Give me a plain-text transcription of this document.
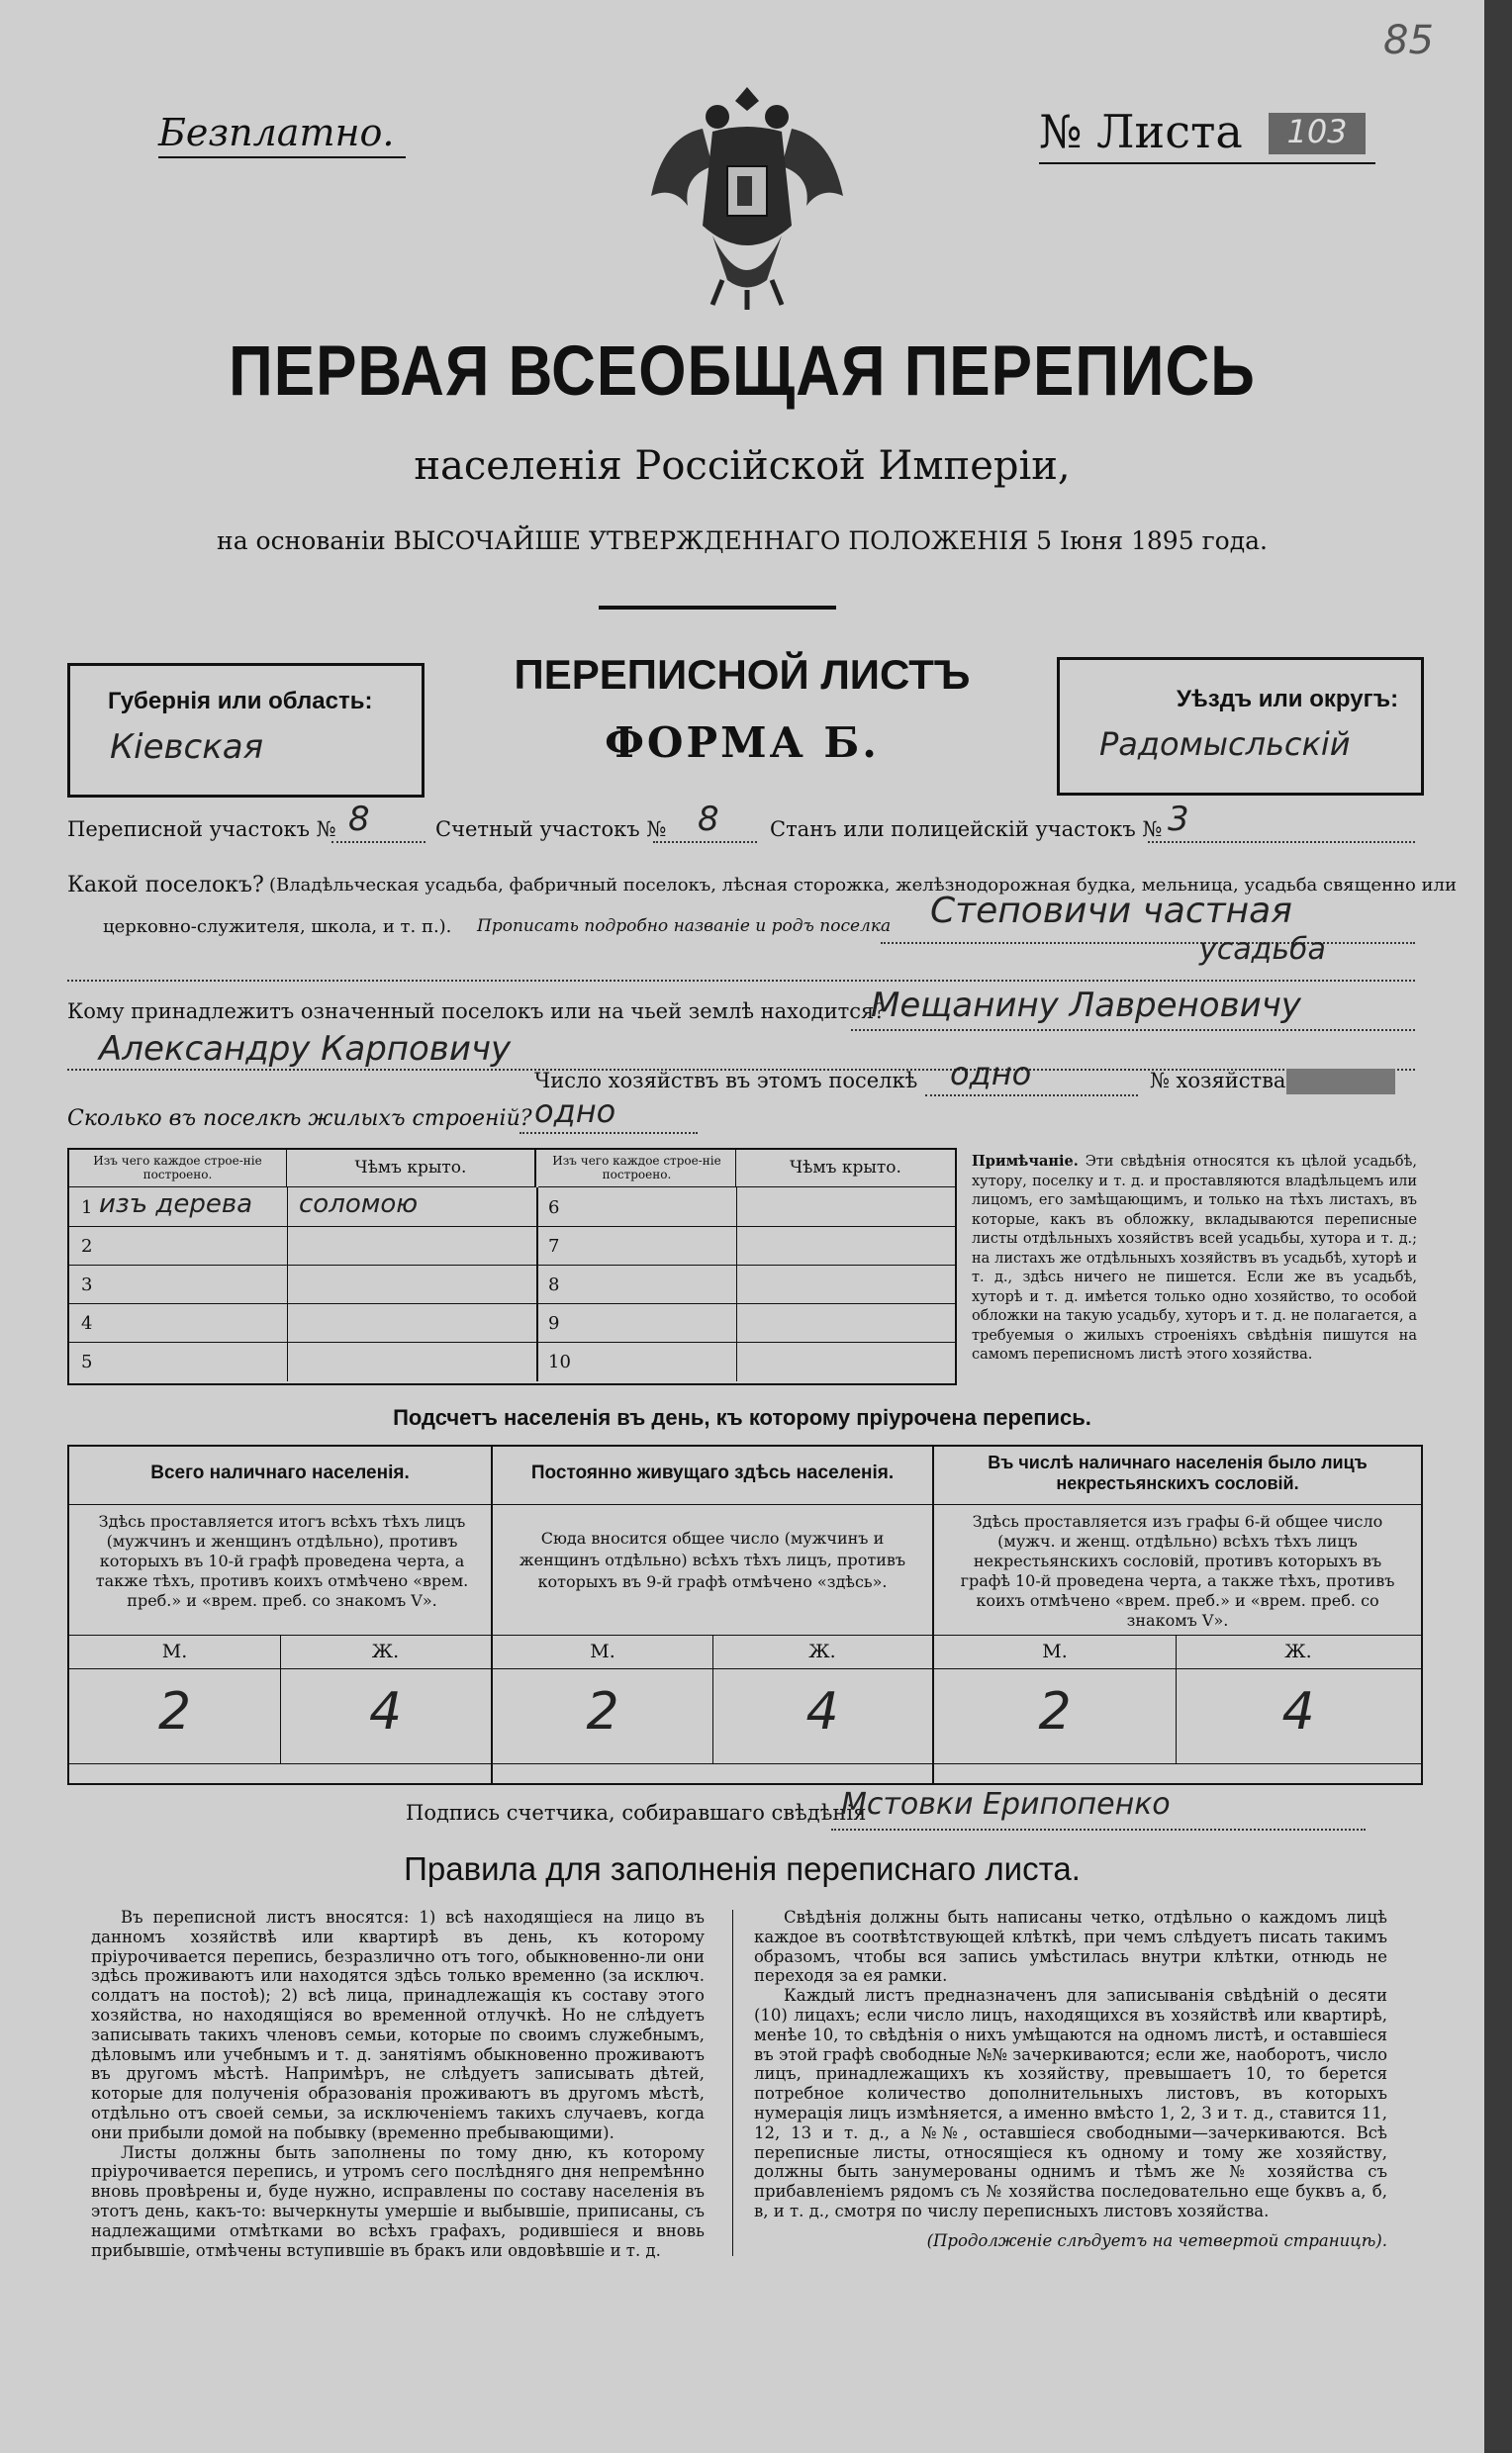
85
Безплатно.	№ Листа	103
ПЕРВАЯ ВСЕОБЩАЯ ПЕРЕПИСЬ
населенія Россійской Имперіи,
на основаніи ВЫСОЧАЙШЕ УТВЕРЖДЕННАГО ПОЛОЖЕНІЯ 5 Іюня 1895 года.
Губернія или область:
Кіевская
ПЕРЕПИСНОЙ ЛИСТЪ
ФОРМА Б.
Уѣздъ или округъ:
Радомысльскій
Переписной участокъ № 8	Счетный участокъ № 8 Станъ или полицейскій участокъ № 3
Какой поселокъ? (Владѣльческая усадьба, фабричный поселокъ, лѣсная сторожка, желѣзнодорожная будка, мельница, усадьба священно или
церковно-служителя, школа, и т. п.). Прописать подробно названіе и родъ поселка Степовичи частная
усадьба
Кому принадлежитъ означенный поселокъ или на чьей землѣ находится?
Мещанину Лавреновичу
Александру Карповичу
Число хозяйствъ въ этомъ поселкѣ одно	№ хозяйства
Сколько въ поселкѣ жилыхъ строеній? одно
Изъ чего каждое строе-ніе построено.	Чѣмъ крыто.	Изъ чего каждое строе-ніе построено.	Чѣмъ крыто.
1 изъ дерева соломою	6
2	7
3	8
4	9
5	10
Примѣчаніе. Эти свѣдѣнія относятся къ цѣлой усадьбѣ, хутору, поселку и т. д. и проставляются владѣльцемъ или лицомъ, его замѣщающимъ, и только на тѣхъ листахъ, въ которые, какъ въ обложку, вкладываются переписные листы отдѣльныхъ хозяйствъ всей усадьбы, хутора и т. д.; на листахъ же отдѣльныхъ хозяйствъ въ усадьбѣ, хуторѣ и т. д., здѣсь ничего не пишется. Если же въ усадьбѣ, хуторѣ и т. д. имѣется только одно хозяйство, то особой обложки на такую усадьбу, хуторъ и т. д. не полагается, а требуемыя о жилыхъ строеніяхъ свѣдѣнія пишутся на самомъ переписномъ листѣ этого хозяйства.
Подсчетъ населенія въ день, къ которому пріурочена перепись.
Всего наличнаго населенія.	Постоянно живущаго здѣсь населенія.	Въ числѣ наличнаго населенія было лицъ некрестьянскихъ сословій.
Здѣсь проставляется итогъ всѣхъ тѣхъ лицъ (мужчинъ и женщинъ отдѣльно), противъ которыхъ въ 10-й графѣ проведена черта, а также тѣхъ, противъ коихъ отмѣчено «врем. преб.» и «врем. преб. со знакомъ V».
Сюда вносится общее число (мужчинъ и женщинъ отдѣльно) всѣхъ тѣхъ лицъ, противъ которыхъ въ 9-й графѣ отмѣчено «здѣсь».
Здѣсь проставляется изъ графы 6-й общее число (мужч. и женщ. отдѣльно) всѣхъ тѣхъ лицъ некрестьянскихъ сословій, противъ которыхъ въ графѣ 10-й проведена черта, а также тѣхъ, противъ коихъ отмѣчено «врем. преб.» и «врем. преб. со знакомъ V».
М.	Ж.	М.	Ж.	М.	Ж.
2	4	2	4	2	4
Подпись счетчика, собиравшаго свѣдѣнія
Мстовки Ерипопенко
Правила для заполненія переписнаго листа.
Въ переписной листъ вносятся: 1) всѣ находящіеся на лицо въ данномъ хозяйствѣ или квартирѣ въ день, къ которому пріурочивается перепись, безразлично отъ того, обыкновенно-ли они здѣсь проживаютъ или находятся здѣсь только временно (за исключ. солдатъ на постоѣ); 2) всѣ лица, принадлежащія къ составу этого хозяйства, но находящіяся во временной отлучкѣ. Но не слѣдуетъ записывать такихъ членовъ семьи, которые по своимъ служебнымъ, дѣловымъ или учебнымъ и т. д. занятіямъ обыкновенно проживаютъ въ другомъ мѣстѣ. Напримѣръ, не слѣдуетъ записывать дѣтей, которые для полученія образованія проживаютъ въ другомъ мѣстѣ, отдѣльно отъ своей семьи, за исключеніемъ такихъ случаевъ, когда они прибыли домой на побывку (временно пребывающими).
Листы должны быть заполнены по тому дню, къ которому пріурочивается перепись, и утромъ сего послѣдняго дня непремѣнно вновь провѣрены и, буде нужно, исправлены по составу населенія въ этотъ день, какъ-то: вычеркнуты умершіе и выбывшіе, приписаны, съ надлежащими отмѣтками во всѣхъ графахъ, родившіеся и вновь прибывшіе, отмѣчены вступившіе въ бракъ или овдовѣвшіе и т. д.
Свѣдѣнія должны быть написаны четко, отдѣльно о каждомъ лицѣ каждое въ соотвѣтствующей клѣткѣ, при чемъ слѣдуетъ писать такимъ образомъ, чтобы вся запись умѣстилась внутри клѣтки, отнюдь не переходя за ея рамки.
Каждый листъ предназначенъ для записыванія свѣдѣній о десяти (10) лицахъ; если число лицъ, находящихся въ хозяйствѣ или квартирѣ, менѣе 10, то свѣдѣнія о нихъ умѣщаются на одномъ листѣ, и оставшіеся въ этой графѣ свободные №№ зачеркиваются; если же, наоборотъ, число лицъ, принадлежащихъ къ хозяйству, превышаетъ 10, то берется потребное количество дополнительныхъ листовъ, въ которыхъ нумерація лицъ измѣняется, а именно вмѣсто 1, 2, 3 и т. д., ставится 11, 12, 13 и т. д., а №№, оставшіеся свободными—зачеркиваются. Всѣ переписные листы, относящіеся къ одному и тому же хозяйству, должны быть занумерованы однимъ и тѣмъ же № хозяйства съ прибавленіемъ рядомъ съ № хозяйства последовательно еще буквъ а, б, в, и т. д., смотря по числу переписныхъ листовъ хозяйства.
(Продолженіе слѣдуетъ на четвертой страницѣ).
